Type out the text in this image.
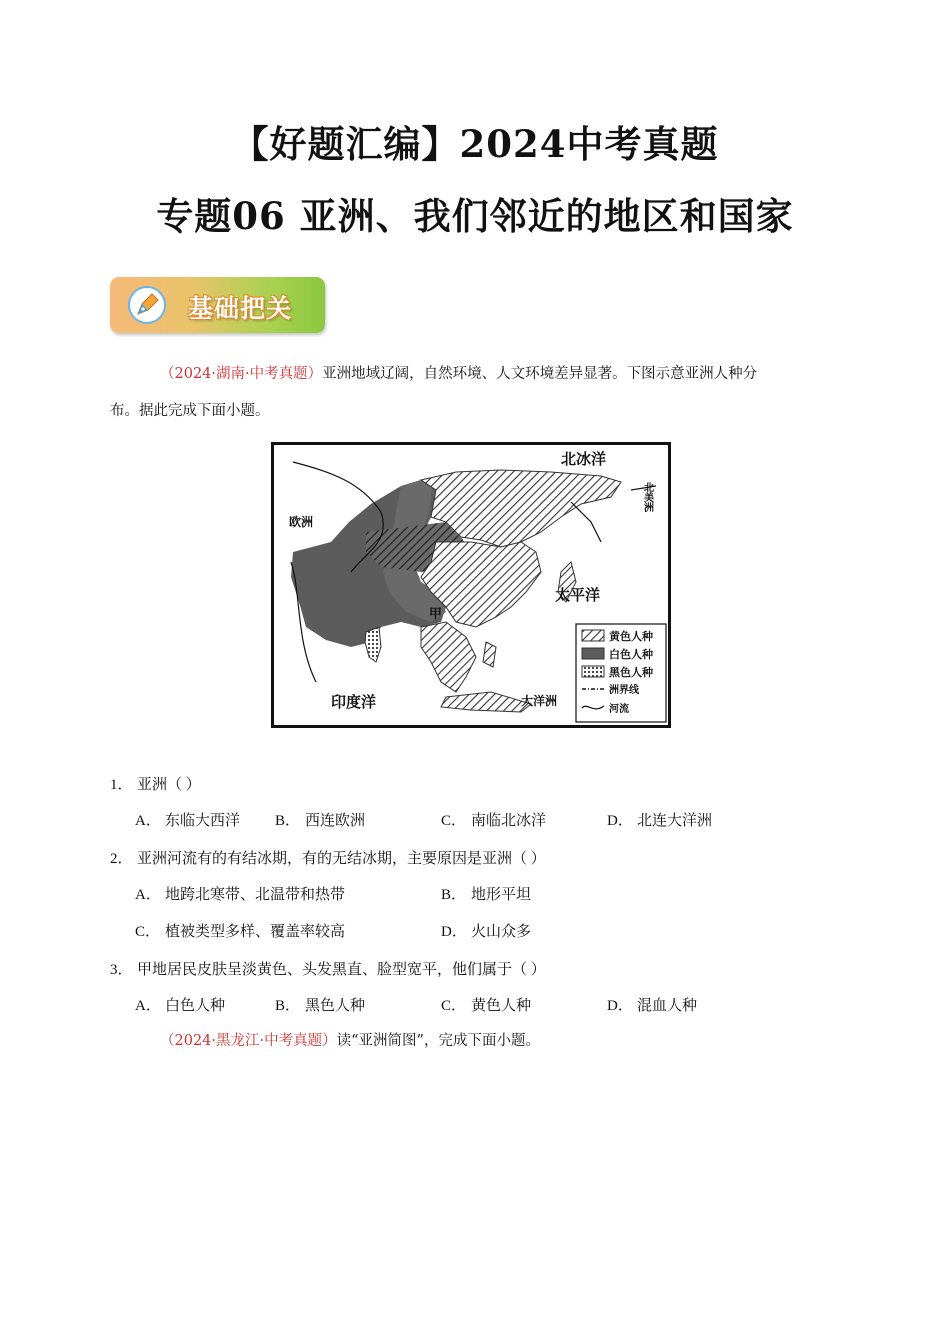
【好题汇编】2024中考真题
专题06 亚洲、我们邻近的地区和国家
基础把关
（2024·湖南·中考真题）亚洲地域辽阔，自然环境、人文环境差异显著。下图示意亚洲人种分
布。据此完成下面小题。
北冰洋
欧洲
北美洲
太平洋
印度洋	大洋洲
甲
黄色人种
白色人种
黑色人种
洲界线
河流
1． 亚洲（ ）
A． 东临大西洋 B． 西连欧洲	C． 南临北冰洋	D． 北连大洋洲
2． 亚洲河流有的有结冰期，有的无结冰期，主要原因是亚洲（ ）
A． 地跨北寒带、北温带和热带	B． 地形平坦
C． 植被类型多样、覆盖率较高	D． 火山众多
3． 甲地居民皮肤呈淡黄色、头发黑直、脸型宽平，他们属于（ ）
A． 白色人种	B． 黑色人种	C． 黄色人种	D． 混血人种
（2024·黑龙江·中考真题）读“亚洲简图”，完成下面小题。
